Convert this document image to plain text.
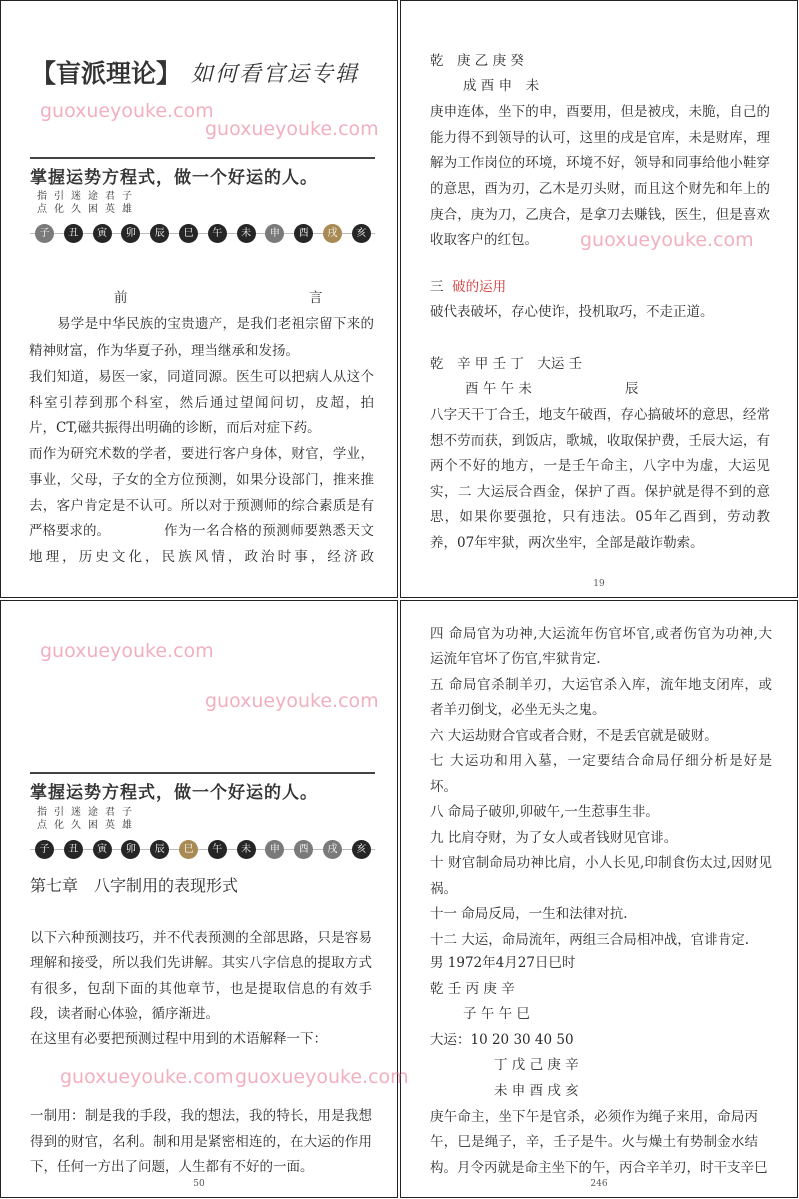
【盲派理论】 如何看官运专辑
掌握运势方程式，做一个好运的人。
指引迷途君子
点化久困英雄
子	丑	寅	卯	辰	巳	午	未	申	酉	戌	亥
前	言
易学是中华民族的宝贵遗产，是我们老祖宗留下来的
精神财富，作为华夏子孙，理当继承和发扬。
我们知道，易医一家，同道同源。医生可以把病人从这个
科室引荐到那个科室，然后通过望闻问切，皮超，拍
片，CT,磁共振得出明确的诊断，而后对症下药。
而作为研究术数的学者，要进行客户身体，财官，学业，
事业，父母，子女的全方位预测，如果分设部门，推来推
去，客户肯定是不认可。所以对于预测师的综合素质是有
严格要求的。	作为一名合格的预测师要熟悉天文
地理，历史文化，民族风情，政治时事，经济政
乾　庚 乙 庚 癸
成 酉 申　未
庚申连体，坐下的申，酉要用，但是被戌，未脆，自己的
能力得不到领导的认可，这里的戌是官库，未是财库，理
解为工作岗位的环境，环境不好，领导和同事给他小鞋穿
的意思，酉为刃，乙木是刃头财，而且这个财先和年上的
庚合，庚为刀，乙庚合，是拿刀去赚钱，医生，但是喜欢
收取客户的红包。
三 破的运用
破代表破坏，存心使诈，投机取巧，不走正道。
乾　辛 甲 壬 丁　大运 壬
酉 午 午 未	辰
八字天干丁合壬，地支午破酉，存心搞破坏的意思，经常
想不劳而获，到饭店，歌城，收取保护费，壬辰大运，有
两个不好的地方，一是壬午命主，八字中为虚，大运见
实，二 大运辰合酉金，保护了酉。保护就是得不到的意
思，如果你要强抢，只有违法。05年乙酉到，劳动教
养，07年牢狱，两次坐牢，全部是敲诈勒索。
19
掌握运势方程式，做一个好运的人。
指引迷途君子
点化久困英雄
子	丑	寅	卯	辰	巳	午	未	申	酉	戌	亥
第七章　八字制用的表现形式
以下六种预测技巧，并不代表预测的全部思路，只是容易
理解和接受，所以我们先讲解。其实八字信息的提取方式
有很多，包刮下面的其他章节，也是提取信息的有效手
段，读者耐心体验，循序渐进。
在这里有必要把预测过程中用到的术语解释一下：
一制用：制是我的手段，我的想法，我的特长，用是我想
得到的财官，名利。制和用是紧密相连的，在大运的作用
下，任何一方出了问题，人生都有不好的一面。
50
四 命局官为功神,大运流年伤官坏官,或者伤官为功神,大
运流年官坏了伤官,牢狱肯定.
五 命局官杀制羊刃，大运官杀入库，流年地支闭库，或
者羊刃倒戈，必坐无头之鬼。
六 大运劫财合官或者合财，不是丢官就是破财。
七 大运功和用入墓，一定要结合命局仔细分析是好是
坏。
八 命局子破卯,卯破午,一生惹事生非。
九 比肩夺财，为了女人或者钱财见官诽。
十 财官制命局功神比肩，小人长见,印制食伤太过,因财见
祸。
十一 命局反局，一生和法律对抗.
十二 大运，命局流年，两组三合局相冲战，官诽肯定.
男 1972年4月27日巳时
乾 壬 丙 庚 辛
子 午 午 巳
大运：10 20 30 40 50
丁 戊 己 庚 辛
未 申 酉 戌 亥
庚午命主，坐下午是官杀，必须作为绳子来用，命局丙
午，巳是绳子，辛，壬子是牛。火与燥土有势制金水结
构。月令丙就是命主坐下的午，丙合辛羊刃，时干支辛巳
246
guoxueyouke.com
guoxueyouke.com
guoxueyouke.com
guoxueyouke.com
guoxueyouke.com
guoxueyouke.com guoxueyouke.com
